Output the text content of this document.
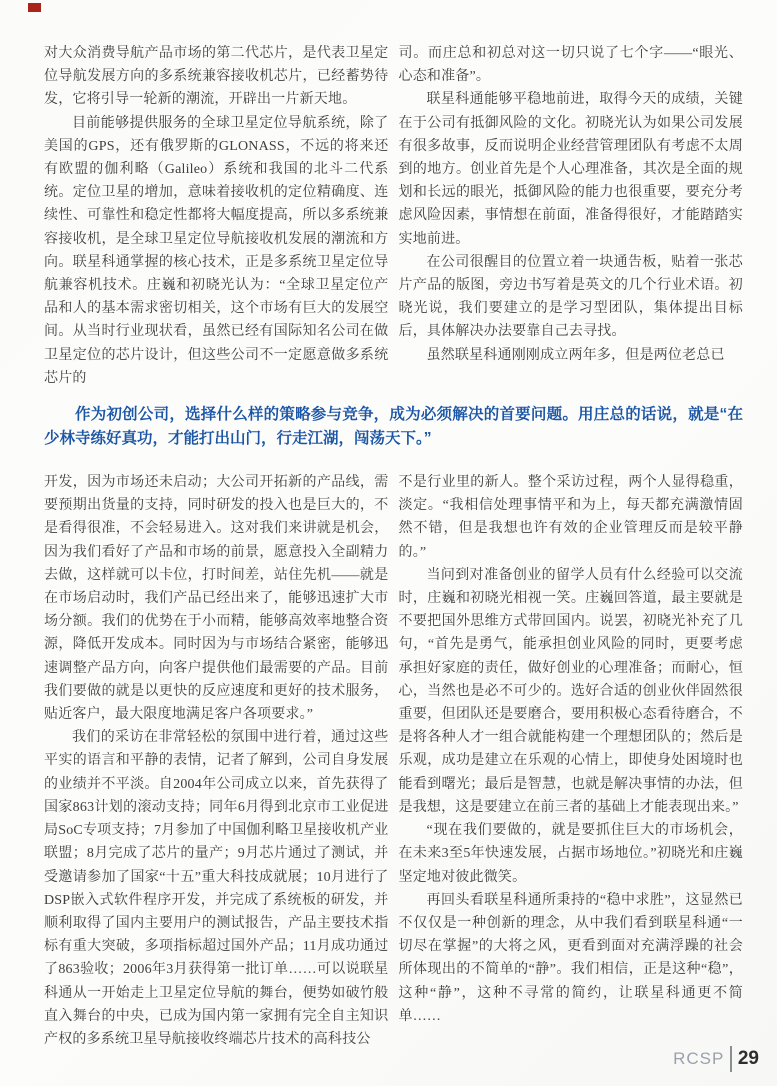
对大众消费导航产品市场的第二代芯片，是代表卫星定位导航发展方向的多系统兼容接收机芯片，已经蓄势待发，它将引导一轮新的潮流，开辟出一片新天地。

目前能够提供服务的全球卫星定位导航系统，除了美国的GPS，还有俄罗斯的GLONASS，不远的将来还有欧盟的伽利略（Galileo）系统和我国的北斗二代系统。定位卫星的增加，意味着接收机的定位精确度、连续性、可靠性和稳定性都将大幅度提高，所以多系统兼容接收机，是全球卫星定位导航接收机发展的潮流和方向。联星科通掌握的核心技术，正是多系统卫星定位导航兼容机技术。庄巍和初晓光认为：“全球卫星定位产品和人的基本需求密切相关，这个市场有巨大的发展空间。从当时行业现状看，虽然已经有国际知名公司在做卫星定位的芯片设计，但这些公司不一定愿意做多系统芯片的

司。而庄总和初总对这一切只说了七个字——“眼光、心态和准备”。

联星科通能够平稳地前进，取得今天的成绩，关键在于公司有抵御风险的文化。初晓光认为如果公司发展有很多故事，反而说明企业经营管理团队有考虑不太周到的地方。创业首先是个人心理准备，其次是全面的规划和长远的眼光，抵御风险的能力也很重要，要充分考虑风险因素，事情想在前面，准备得很好，才能踏踏实实地前进。

在公司很醒目的位置立着一块通告板，贴着一张芯片产品的版图，旁边书写着是英文的几个行业术语。初晓光说，我们要建立的是学习型团队，集体提出目标后，具体解决办法要靠自己去寻找。

虽然联星科通刚刚成立两年多，但是两位老总已

作为初创公司，选择什么样的策略参与竞争，成为必须解决的首要问题。用庄总的话说，就是“在少林寺练好真功，才能打出山门，行走江湖，闯荡天下。”

开发，因为市场还未启动；大公司开拓新的产品线，需要预期出货量的支持，同时研发的投入也是巨大的，不是看得很准，不会轻易进入。这对我们来讲就是机会，因为我们看好了产品和市场的前景，愿意投入全副精力去做，这样就可以卡位，打时间差，站住先机——就是在市场启动时，我们产品已经出来了，能够迅速扩大市场分额。我们的优势在于小而精，能够高效率地整合资源，降低开发成本。同时因为与市场结合紧密，能够迅速调整产品方向，向客户提供他们最需要的产品。目前我们要做的就是以更快的反应速度和更好的技术服务，贴近客户，最大限度地满足客户各项要求。”

我们的采访在非常轻松的氛围中进行着，通过这些平实的语言和平静的表情，记者了解到，公司自身发展的业绩并不平淡。自2004年公司成立以来，首先获得了国家863计划的滚动支持；同年6月得到北京市工业促进局SoC专项支持；7月参加了中国伽利略卫星接收机产业联盟；8月完成了芯片的量产；9月芯片通过了测试，并受邀请参加了国家“十五”重大科技成就展；10月进行了DSP嵌入式软件程序开发，并完成了系统板的研发，并顺利取得了国内主要用户的测试报告，产品主要技术指标有重大突破，多项指标超过国外产品；11月成功通过了863验收；2006年3月获得第一批订单……可以说联星科通从一开始走上卫星定位导航的舞台，便势如破竹般直入舞台的中央，已成为国内第一家拥有完全自主知识产权的多系统卫星导航接收终端芯片技术的高科技公

不是行业里的新人。整个采访过程，两个人显得稳重，淡定。“我相信处理事情平和为上，每天都充满激情固然不错，但是我想也许有效的企业管理反而是较平静的。”

当问到对准备创业的留学人员有什么经验可以交流时，庄巍和初晓光相视一笑。庄巍回答道，最主要就是不要把国外思维方式带回国内。说罢，初晓光补充了几句，“首先是勇气，能承担创业风险的同时，更要考虑承担好家庭的责任，做好创业的心理准备；而耐心，恒心，当然也是必不可少的。选好合适的创业伙伴固然很重要，但团队还是要磨合，要用积极心态看待磨合，不是将各种人才一组合就能构建一个理想团队的；然后是乐观，成功是建立在乐观的心情上，即使身处困境时也能看到曙光；最后是智慧，也就是解决事情的办法，但是我想，这是要建立在前三者的基础上才能表现出来。”

“现在我们要做的，就是要抓住巨大的市场机会，在未来3至5年快速发展，占据市场地位。”初晓光和庄巍坚定地对彼此微笑。

再回头看联星科通所秉持的“稳中求胜”，这显然已不仅仅是一种创新的理念，从中我们看到联星科通“一切尽在掌握”的大将之风，更看到面对充满浮躁的社会所体现出的不简单的“静”。我们相信，正是这种“稳”，这种“静”，这种不寻常的简约，让联星科通更不简单……

RCSP 29
